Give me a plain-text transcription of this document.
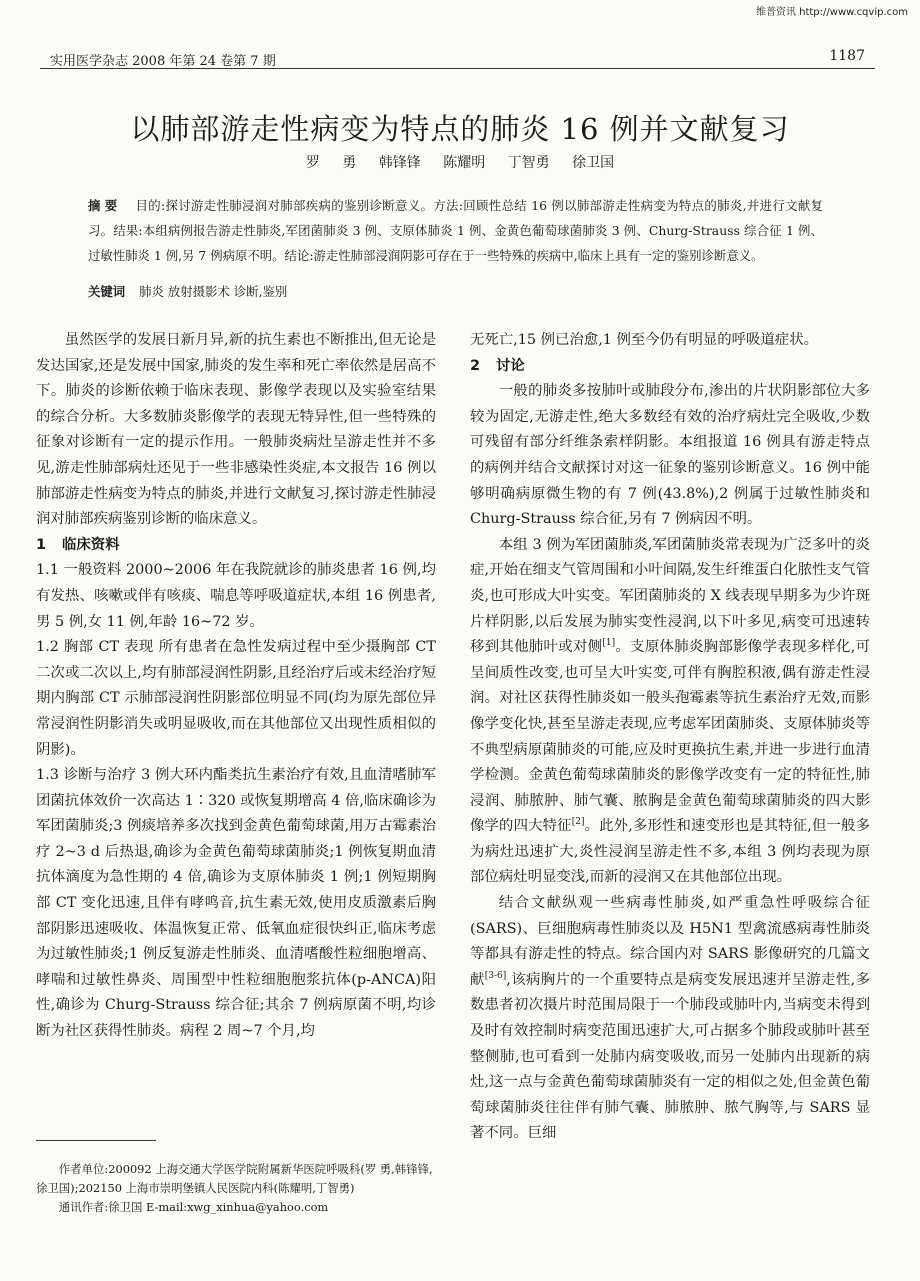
维普资讯 http://www.cqvip.com
实用医学杂志 2008 年第 24 卷第 7 期	1187
以肺部游走性病变为特点的肺炎 16 例并文献复习
罗 勇 韩锋锋 陈耀明 丁智勇 徐卫国
摘要 目的:探讨游走性肺浸润对肺部疾病的鉴别诊断意义。方法:回顾性总结 16 例以肺部游走性病变为特点的肺炎,并进行文献复习。结果:本组病例报告游走性肺炎,军团菌肺炎 3 例、支原体肺炎 1 例、金黄色葡萄球菌肺炎 3 例、Churg-Strauss 综合征 1 例、过敏性肺炎 1 例,另 7 例病原不明。结论:游走性肺部浸润阴影可存在于一些特殊的疾病中,临床上具有一定的鉴别诊断意义。
关键词 肺炎 放射摄影术 诊断,鉴别

虽然医学的发展日新月异,新的抗生素也不断推出,但无论是发达国家,还是发展中国家,肺炎的发生率和死亡率依然是居高不下。肺炎的诊断依赖于临床表现、影像学表现以及实验室结果的综合分析。大多数肺炎影像学的表现无特异性,但一些特殊的征象对诊断有一定的提示作用。一般肺炎病灶呈游走性并不多见,游走性肺部病灶还见于一些非感染性炎症,本文报告 16 例以肺部游走性病变为特点的肺炎,并进行文献复习,探讨游走性肺浸润对肺部疾病鉴别诊断的临床意义。

1 临床资料

1.1 一般资料 2000~2006 年在我院就诊的肺炎患者 16 例,均有发热、咳嗽或伴有咳痰、喘息等呼吸道症状,本组 16 例患者,男 5 例,女 11 例,年龄 16~72 岁。

1.2 胸部 CT 表现 所有患者在急性发病过程中至少摄胸部 CT 二次或二次以上,均有肺部浸润性阴影,且经治疗后或未经治疗短期内胸部 CT 示肺部浸润性阴影部位明显不同(均为原先部位异常浸润性阴影消失或明显吸收,而在其他部位又出现性质相似的阴影)。

1.3 诊断与治疗 3 例大环内酯类抗生素治疗有效,且血清嗜肺军团菌抗体效价一次高达 1∶320 或恢复期增高 4 倍,临床确诊为军团菌肺炎;3 例痰培养多次找到金黄色葡萄球菌,用万古霉素治疗 2~3 d 后热退,确诊为金黄色葡萄球菌肺炎;1 例恢复期血清抗体滴度为急性期的 4 倍,确诊为支原体肺炎 1 例;1 例短期胸部 CT 变化迅速,且伴有哮鸣音,抗生素无效,使用皮质激素后胸部阴影迅速吸收、体温恢复正常、低氧血症很快纠正,临床考虑为过敏性肺炎;1 例反复游走性肺炎、血清嗜酸性粒细胞增高、哮喘和过敏性鼻炎、周围型中性粒细胞胞浆抗体(p-ANCA)阳性,确诊为 Churg-Strauss 综合征;其余 7 例病原菌不明,均诊断为社区获得性肺炎。病程 2 周~7 个月,均

作者单位:200092 上海交通大学医学院附属新华医院呼吸科(罗 勇,韩锋锋,徐卫国);202150 上海市崇明堡镇人民医院内科(陈耀明,丁智勇)

通讯作者:徐卫国 E-mail:xwg_xinhua@yahoo.com

无死亡,15 例已治愈,1 例至今仍有明显的呼吸道症状。

2 讨论

一般的肺炎多按肺叶或肺段分布,渗出的片状阴影部位大多较为固定,无游走性,绝大多数经有效的治疗病灶完全吸收,少数可残留有部分纤维条索样阴影。本组报道 16 例具有游走特点的病例并结合文献探讨对这一征象的鉴别诊断意义。16 例中能够明确病原微生物的有 7 例(43.8%),2 例属于过敏性肺炎和 Churg-Strauss 综合征,另有 7 例病因不明。

本组 3 例为军团菌肺炎,军团菌肺炎常表现为广泛多叶的炎症,开始在细支气管周围和小叶间隔,发生纤维蛋白化脓性支气管炎,也可形成大叶实变。军团菌肺炎的 X 线表现早期多为少许斑片样阴影,以后发展为肺实变性浸润,以下叶多见,病变可迅速转移到其他肺叶或对侧[1]。支原体肺炎胸部影像学表现多样化,可呈间质性改变,也可呈大叶实变,可伴有胸腔积液,偶有游走性浸润。对社区获得性肺炎如一般头孢霉素等抗生素治疗无效,而影像学变化快,甚至呈游走表现,应考虑军团菌肺炎、支原体肺炎等不典型病原菌肺炎的可能,应及时更换抗生素,并进一步进行血清学检测。金黄色葡萄球菌肺炎的影像学改变有一定的特征性,肺浸润、肺脓肿、肺气囊、脓胸是金黄色葡萄球菌肺炎的四大影像学的四大特征[2]。此外,多形性和速变形也是其特征,但一般多为病灶迅速扩大,炎性浸润呈游走性不多,本组 3 例均表现为原部位病灶明显变浅,而新的浸润又在其他部位出现。

结合文献纵观一些病毒性肺炎,如严重急性呼吸综合征(SARS)、巨细胞病毒性肺炎以及 H5N1 型禽流感病毒性肺炎等都具有游走性的特点。综合国内对 SARS 影像研究的几篇文献[3-6],该病胸片的一个重要特点是病变发展迅速并呈游走性,多数患者初次摄片时范围局限于一个肺段或肺叶内,当病变未得到及时有效控制时病变范围迅速扩大,可占据多个肺段或肺叶甚至整侧肺,也可看到一处肺内病变吸收,而另一处肺内出现新的病灶,这一点与金黄色葡萄球菌肺炎有一定的相似之处,但金黄色葡萄球菌肺炎往往伴有肺气囊、肺脓肿、脓气胸等,与 SARS 显著不同。巨细
